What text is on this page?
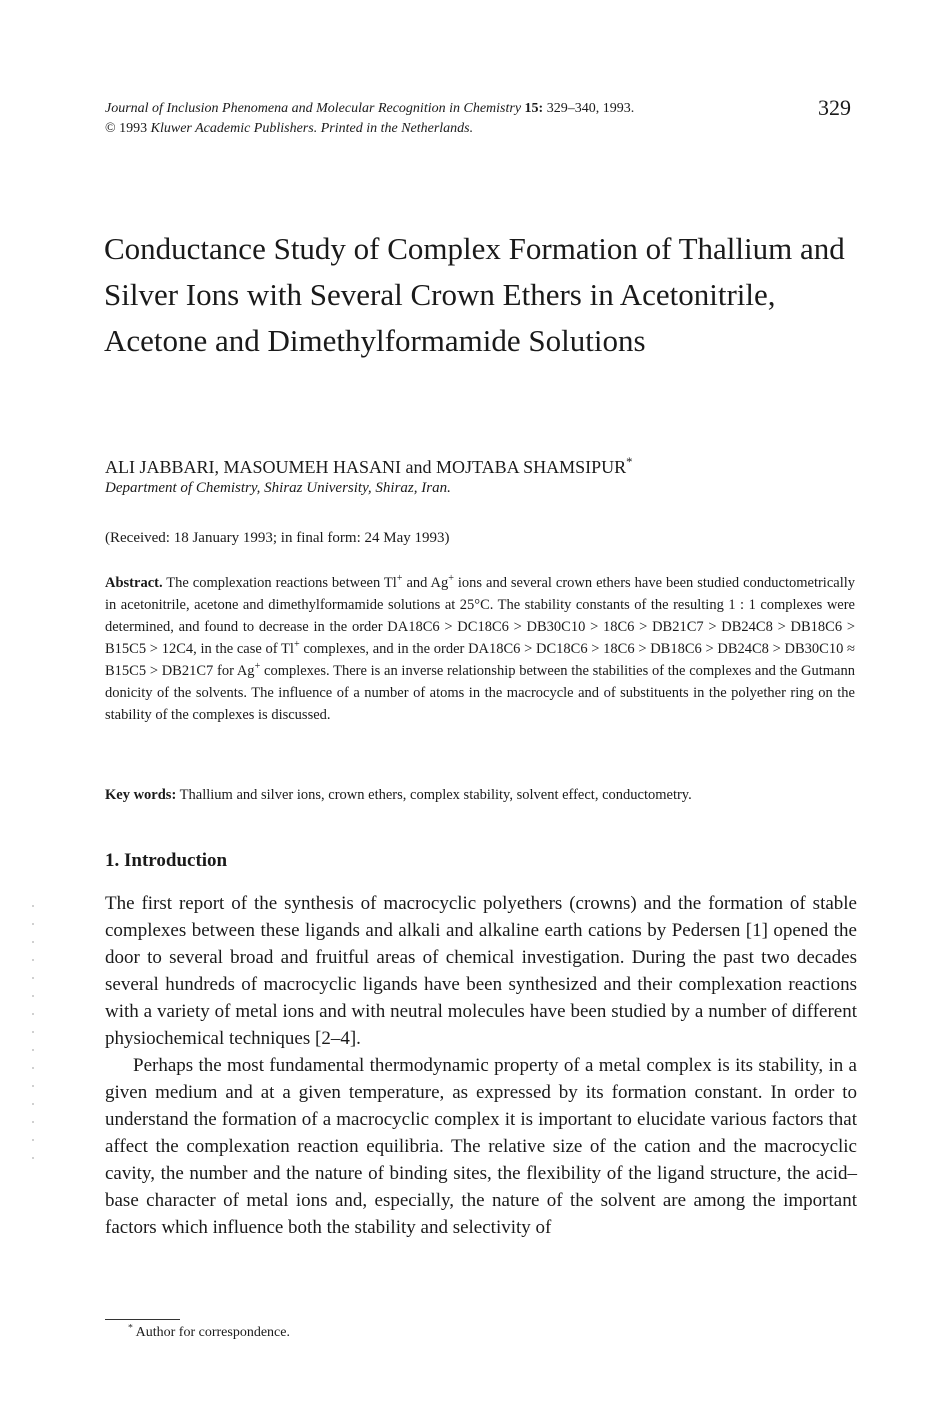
Journal of Inclusion Phenomena and Molecular Recognition in Chemistry 15: 329–340, 1993.
© 1993 Kluwer Academic Publishers. Printed in the Netherlands.
329
Conductance Study of Complex Formation of Thallium and Silver Ions with Several Crown Ethers in Acetonitrile, Acetone and Dimethylformamide Solutions
ALI JABBARI, MASOUMEH HASANI and MOJTABA SHAMSIPUR*
Department of Chemistry, Shiraz University, Shiraz, Iran.
(Received: 18 January 1993; in final form: 24 May 1993)
Abstract. The complexation reactions between Tl+ and Ag+ ions and several crown ethers have been studied conductometrically in acetonitrile, acetone and dimethylformamide solutions at 25°C. The stability constants of the resulting 1 : 1 complexes were determined, and found to decrease in the order DA18C6 > DC18C6 > DB30C10 > 18C6 > DB21C7 > DB24C8 > DB18C6 > B15C5 > 12C4, in the case of Tl+ complexes, and in the order DA18C6 > DC18C6 > 18C6 > DB18C6 > DB24C8 > DB30C10 ≈ B15C5 > DB21C7 for Ag+ complexes. There is an inverse relationship between the stabilities of the complexes and the Gutmann donicity of the solvents. The influence of a number of atoms in the macrocycle and of substituents in the polyether ring on the stability of the complexes is discussed.
Key words: Thallium and silver ions, crown ethers, complex stability, solvent effect, conductometry.
1. Introduction

The first report of the synthesis of macrocyclic polyethers (crowns) and the formation of stable complexes between these ligands and alkali and alkaline earth cations by Pedersen [1] opened the door to several broad and fruitful areas of chemical investigation. During the past two decades several hundreds of macrocyclic ligands have been synthesized and their complexation reactions with a variety of metal ions and with neutral molecules have been studied by a number of different physiochemical techniques [2–4].

Perhaps the most fundamental thermodynamic property of a metal complex is its stability, in a given medium and at a given temperature, as expressed by its formation constant. In order to understand the formation of a macrocyclic complex it is important to elucidate various factors that affect the complexation reaction equilibria. The relative size of the cation and the macrocyclic cavity, the number and the nature of binding sites, the flexibility of the ligand structure, the acid–base character of metal ions and, especially, the nature of the solvent are among the important factors which influence both the stability and selectivity of

* Author for correspondence.
